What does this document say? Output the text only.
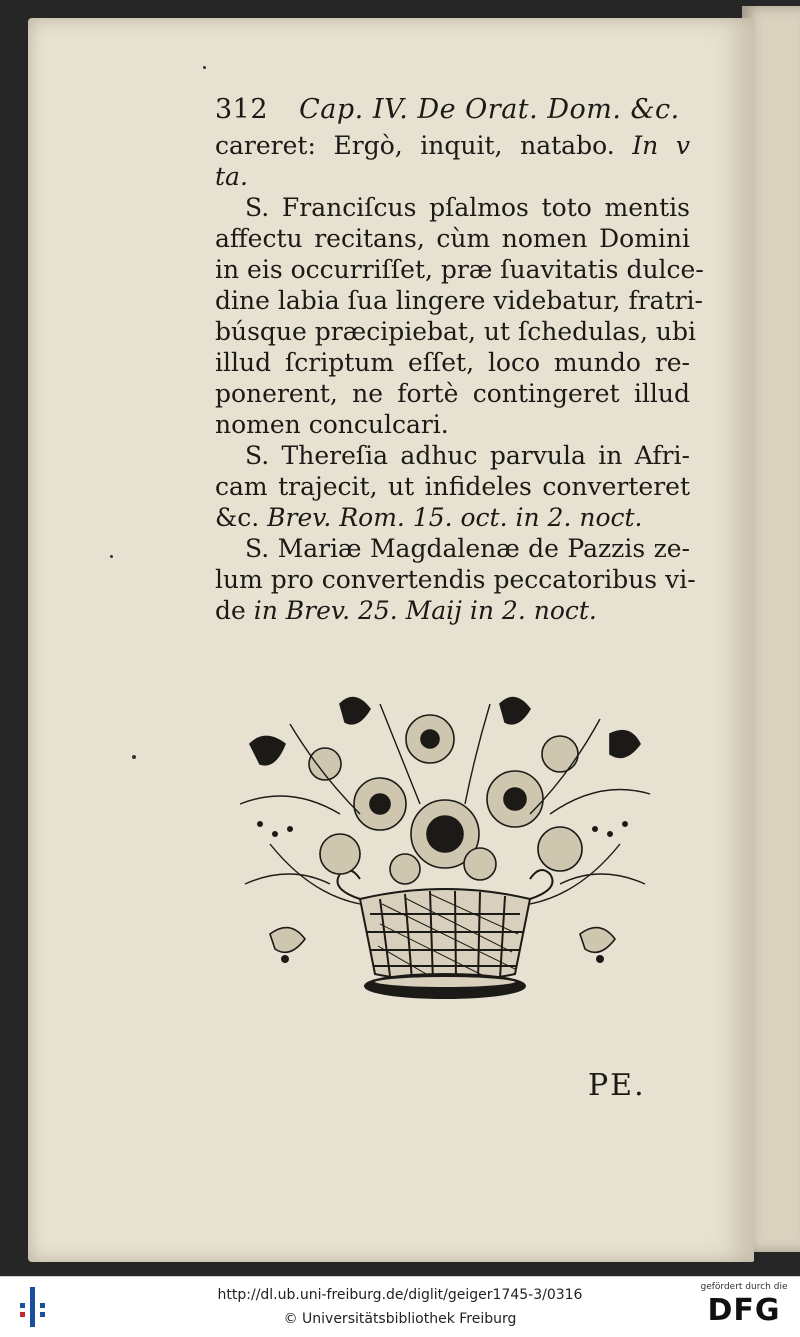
312 Cap. IV. De Orat. Dom. &c.
careret: Ergò, inquit, natabo. In v
ta.
S. Franciſcus pſalmos toto mentis
affectu recitans, cùm nomen Domini
in eis occurriſſet, præ ſuavitatis dulce-
dine labia ſua lingere videbatur, fratri-
búsque præcipiebat, ut ſchedulas, ubi
illud ſcriptum eſſet, loco mundo re-
ponerent, ne fortè contingeret illud
nomen conculcari.
S. Thereſia adhuc parvula in Afri-
cam trajecit, ut infideles converteret
&c. Brev. Rom. 15. oct. in 2. noct.
S. Mariæ Magdalenæ de Pazzis ze-
lum pro convertendis peccatoribus vi-
de in Brev. 25. Maij in 2. noct.
PE.
http://dl.ub.uni-freiburg.de/diglit/geiger1745-3/0316
© Universitätsbibliothek Freiburg
gefördert durch die
DFG
